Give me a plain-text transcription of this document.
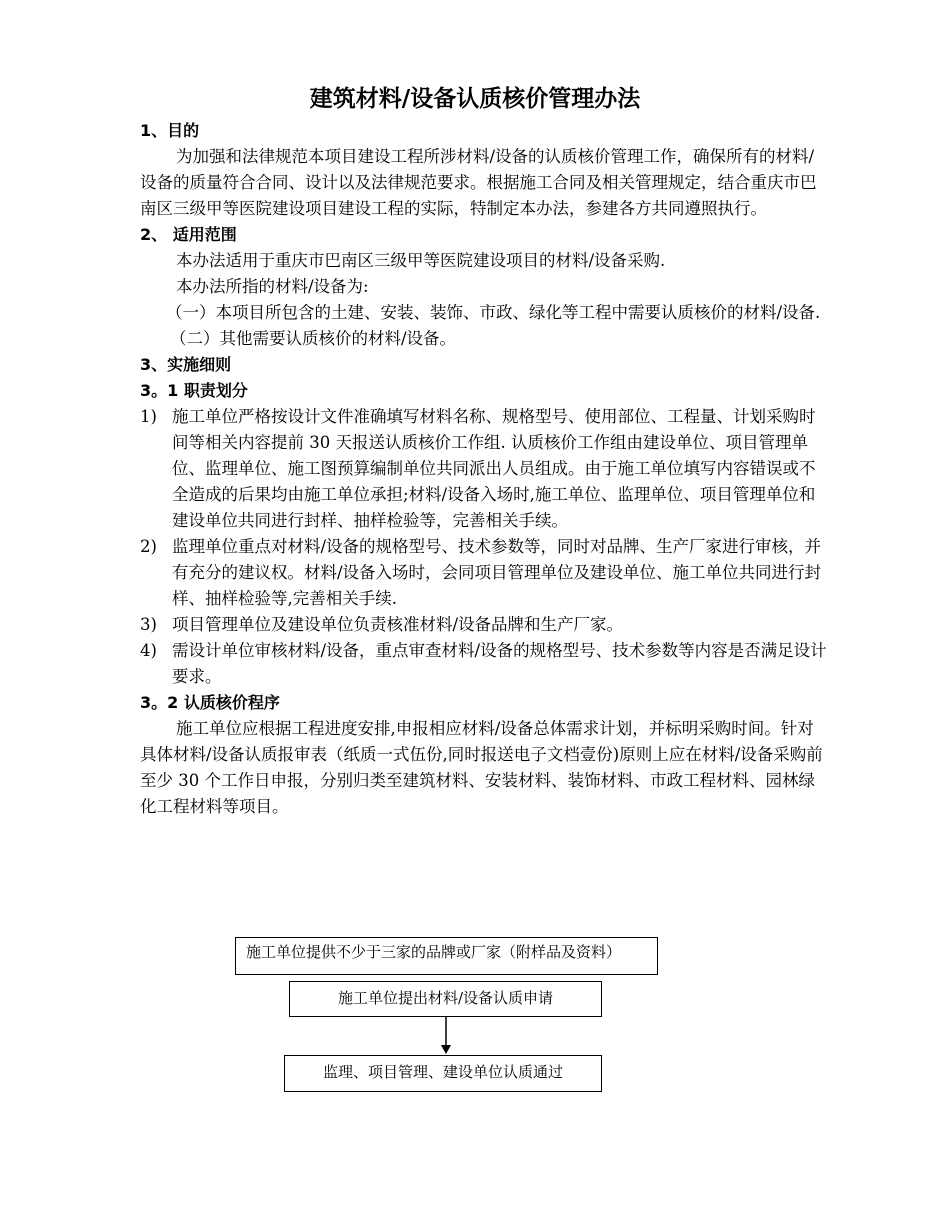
建筑材料/设备认质核价管理办法
1、目的

为加强和法律规范本项目建设工程所涉材料/设备的认质核价管理工作，确保所有的材料/设备的质量符合合同、设计以及法律规范要求。根据施工合同及相关管理规定，结合重庆市巴南区三级甲等医院建设项目建设工程的实际，特制定本办法，参建各方共同遵照执行。

2、 适用范围

本办法适用于重庆市巴南区三级甲等医院建设项目的材料/设备采购.

本办法所指的材料/设备为:

（一）本项目所包含的土建、安装、装饰、市政、绿化等工程中需要认质核价的材料/设备.

（二）其他需要认质核价的材料/设备。

3、实施细则
3。1 职责划分
1) 施工单位严格按设计文件准确填写材料名称、规格型号、使用部位、工程量、计划采购时间等相关内容提前 30 天报送认质核价工作组. 认质核价工作组由建设单位、项目管理单位、监理单位、施工图预算编制单位共同派出人员组成。由于施工单位填写内容错误或不全造成的后果均由施工单位承担;材料/设备入场时,施工单位、监理单位、项目管理单位和建设单位共同进行封样、抽样检验等，完善相关手续。
2) 监理单位重点对材料/设备的规格型号、技术参数等，同时对品牌、生产厂家进行审核，并有充分的建议权。材料/设备入场时，会同项目管理单位及建设单位、施工单位共同进行封样、抽样检验等,完善相关手续.
3) 项目管理单位及建设单位负责核准材料/设备品牌和生产厂家。
4) 需设计单位审核材料/设备，重点审查材料/设备的规格型号、技术参数等内容是否满足设计要求。
3。2 认质核价程序

施工单位应根据工程进度安排,申报相应材料/设备总体需求计划，并标明采购时间。针对具体材料/设备认质报审表（纸质一式伍份,同时报送电子文档壹份)原则上应在材料/设备采购前至少 30 个工作日申报，分别归类至建筑材料、安装材料、装饰材料、市政工程材料、园林绿化工程材料等项目。

施工单位提供不少于三家的品牌或厂家（附样品及资料）
施工单位提出材料/设备认质申请
监理、项目管理、建设单位认质通过
